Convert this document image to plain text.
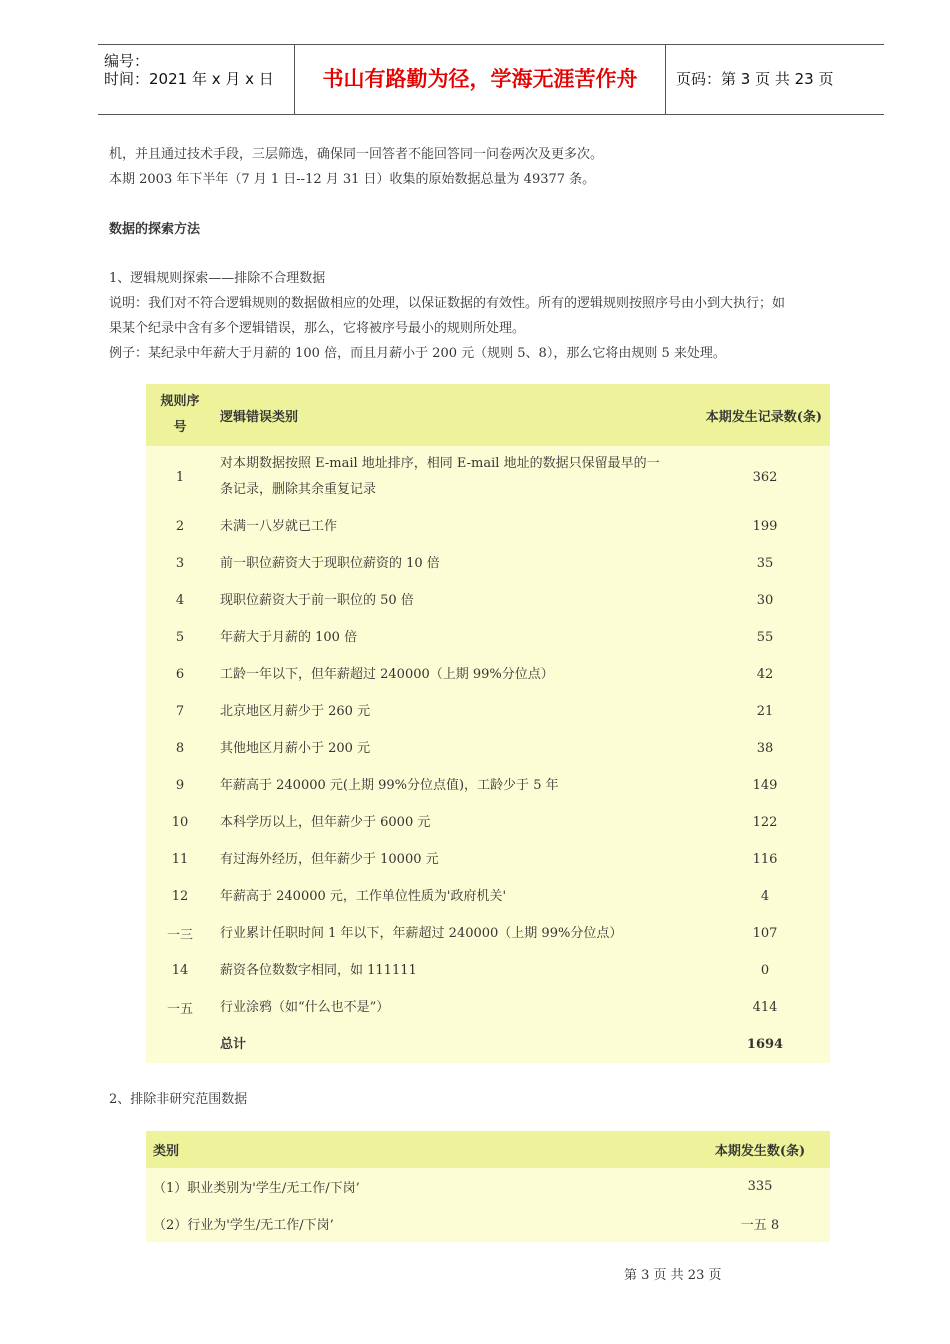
编号：
时间：2021 年 x 月 x 日	书山有路勤为径，学海无涯苦作舟	页码：第 3 页 共 23 页
机，并且通过技术手段，三层筛选，确保同一回答者不能回答同一问卷两次及更多次。
本期 2003 年下半年（7 月 1 日--12 月 31 日）收集的原始数据总量为 49377 条。
数据的探索方法
1、逻辑规则探索——排除不合理数据
说明：我们对不符合逻辑规则的数据做相应的处理，以保证数据的有效性。所有的逻辑规则按照序号由小到大执行；如
果某个纪录中含有多个逻辑错误，那么，它将被序号最小的规则所处理。
例子：某纪录中年薪大于月薪的 100 倍，而且月薪小于 200 元（规则 5、8），那么它将由规则 5 来处理。
规则序
号	逻辑错误类别	本期发生记录数(条)
1	对本期数据按照 E-mail 地址排序，相同 E-mail 地址的数据只保留最早的一
条记录，删除其余重复记录	362
2	未满一八岁就已工作	199
3	前一职位薪资大于现职位薪资的 10 倍	35
4	现职位薪资大于前一职位的 50 倍	30
5	年薪大于月薪的 100 倍	55
6	工龄一年以下，但年薪超过 240000（上期 99%分位点）	42
7	北京地区月薪少于 260 元	21
8	其他地区月薪小于 200 元	38
9	年薪高于 240000 元(上期 99%分位点值)，工龄少于 5 年	149
10	本科学历以上，但年薪少于 6000 元	122
11	有过海外经历，但年薪少于 10000 元	116
12	年薪高于 240000 元，工作单位性质为'政府机关'	4
一三	行业累计任职时间 1 年以下，年薪超过 240000（上期 99%分位点）	107
14	薪资各位数数字相同，如 111111	0
一五	行业涂鸦（如“什么也不是”）	414
	总计	1694
2、排除非研究范围数据
类别	本期发生数(条)
（1）职业类别为'学生/无工作/下岗’	335
（2）行业为'学生/无工作/下岗’	一五 8
第 3 页 共 23 页
